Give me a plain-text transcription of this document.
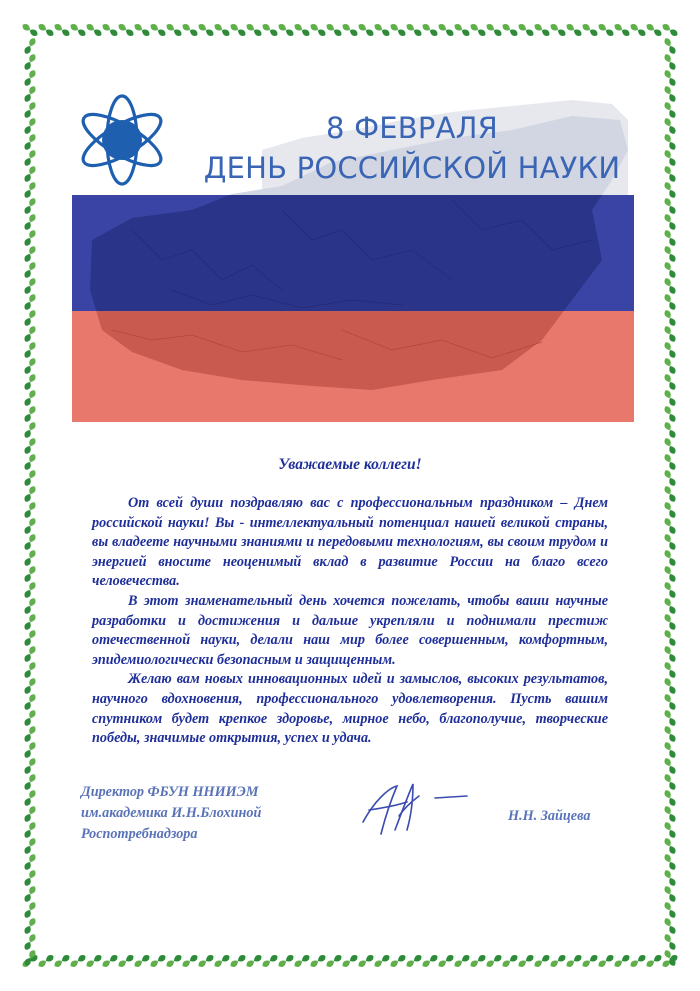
8 ФЕВРАЛЯ
ДЕНЬ РОССИЙСКОЙ НАУКИ
Уважаемые коллеги!

От всей души поздравляю вас с профессиональным праздником – Днем российской науки! Вы - интеллектуальный потенциал нашей великой страны, вы владеете научными знаниями и передовыми технологиям, вы своим трудом и энергией вносите неоценимый вклад в развитие России на благо всего человечества.

В этот знаменательный день хочется пожелать, чтобы ваши научные разработки и достижения и дальше укрепляли и поднимали престиж отечественной науки, делали наш мир более совершенным, комфортным, эпидемиологически безопасным и защищенным.

Желаю вам новых инновационных идей и замыслов, высоких результатов, научного вдохновения, профессионального удовлетворения. Пусть вашим спутником будет крепкое здоровье, мирное небо, благополучие, творческие победы, значимые открытия, успех и удача.

Директор ФБУН ННИИЭМ
им.академика И.Н.Блохиной
Роспотребнадзора
Н.Н. Зайцева
